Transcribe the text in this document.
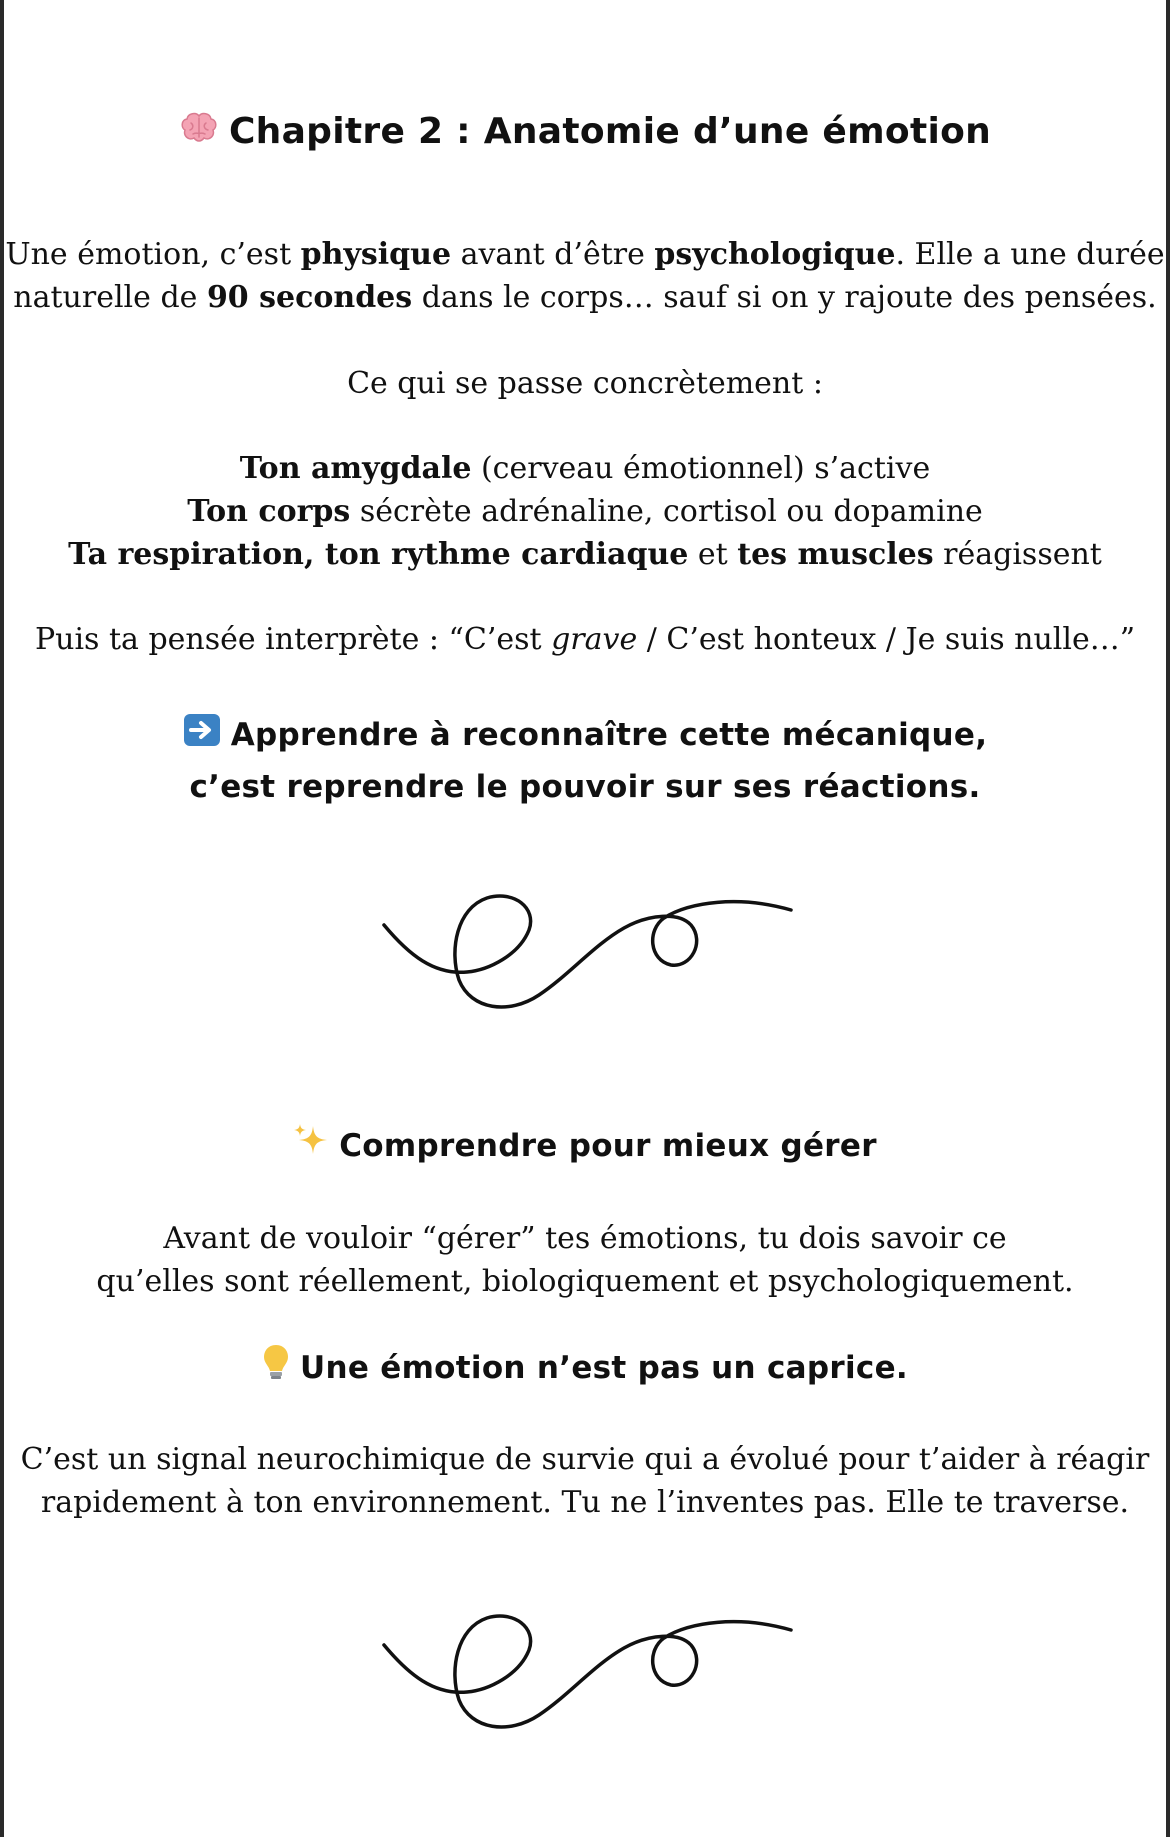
Chapitre 2 : Anatomie d’une émotion

Une émotion, c’est physique avant d’être psychologique. Elle a une durée
naturelle de 90 secondes dans le corps… sauf si on y rajoute des pensées.

Ce qui se passe concrètement :

Ton amygdale (cerveau émotionnel) s’active
Ton corps sécrète adrénaline, cortisol ou dopamine
Ta respiration, ton rythme cardiaque et tes muscles réagissent

Puis ta pensée interprète : “C’est grave / C’est honteux / Je suis nulle…”

Apprendre à reconnaître cette mécanique,
c’est reprendre le pouvoir sur ses réactions.
Comprendre pour mieux gérer

Avant de vouloir “gérer” tes émotions, tu dois savoir ce
qu’elles sont réellement, biologiquement et psychologiquement.

Une émotion n’est pas un caprice.

C’est un signal neurochimique de survie qui a évolué pour t’aider à réagir
rapidement à ton environnement. Tu ne l’inventes pas. Elle te traverse.
